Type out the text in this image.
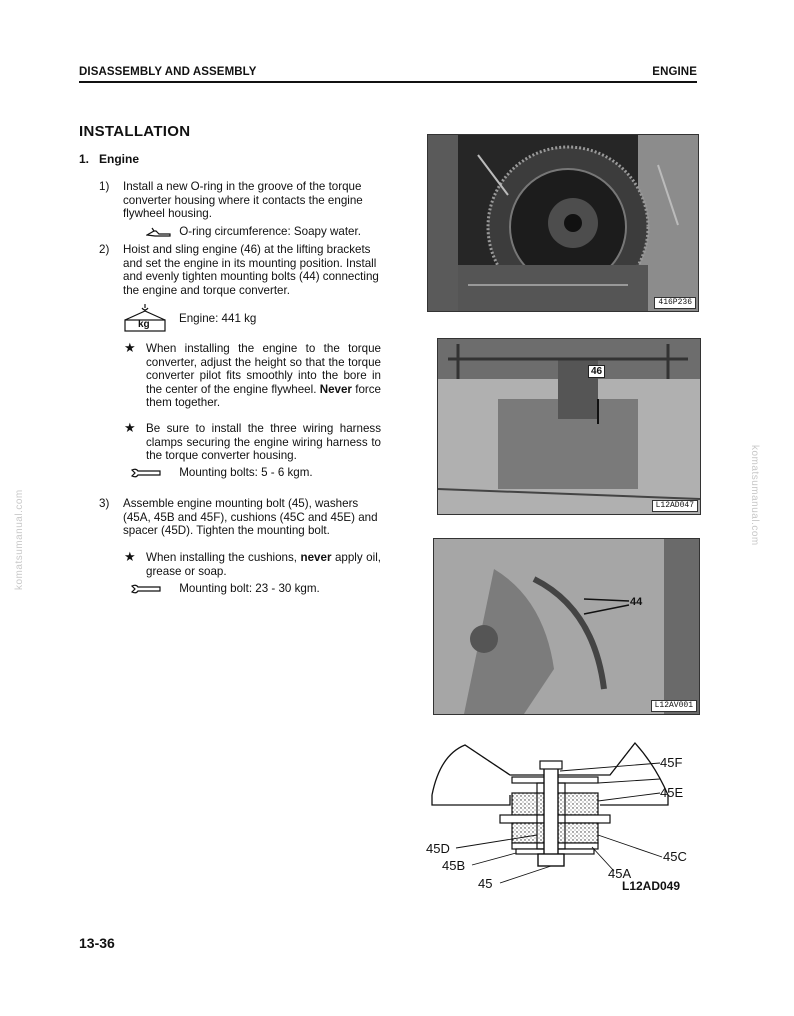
DISASSEMBLY AND ASSEMBLY	ENGINE
komatsumanual.com	komatsumanual.com
INSTALLATION
1. Engine
1)	Install a new O-ring in the groove of the torque converter housing where it contacts the engine flywheel housing.
O-ring circumference: Soapy water.
2)	Hoist and sling engine (46) at the lifting brackets and set the engine in its mounting position. Install and evenly tighten mounting bolts (44) connecting the engine and torque converter.
kg	Engine: 441 kg
★ When installing the engine to the torque converter, adjust the height so that the torque converter pilot fits smoothly into the bore in the center of the engine flywheel. Never force them together.
★ Be sure to install the three wiring harness clamps securing the engine wiring harness to the torque converter housing.
Mounting bolts: 5 - 6 kgm.
3)	Assemble engine mounting bolt (45), washers (45A, 45B and 45F), cushions (45C and 45E) and spacer (45D). Tighten the mounting bolt.
★ When installing the cushions, never apply oil, grease or soap.
Mounting bolt: 23 - 30 kgm.
416P236
46
L12AD047
44
L12AV001
45F
45E
45C
45D
45B
45A
45	L12AD049
13-36
